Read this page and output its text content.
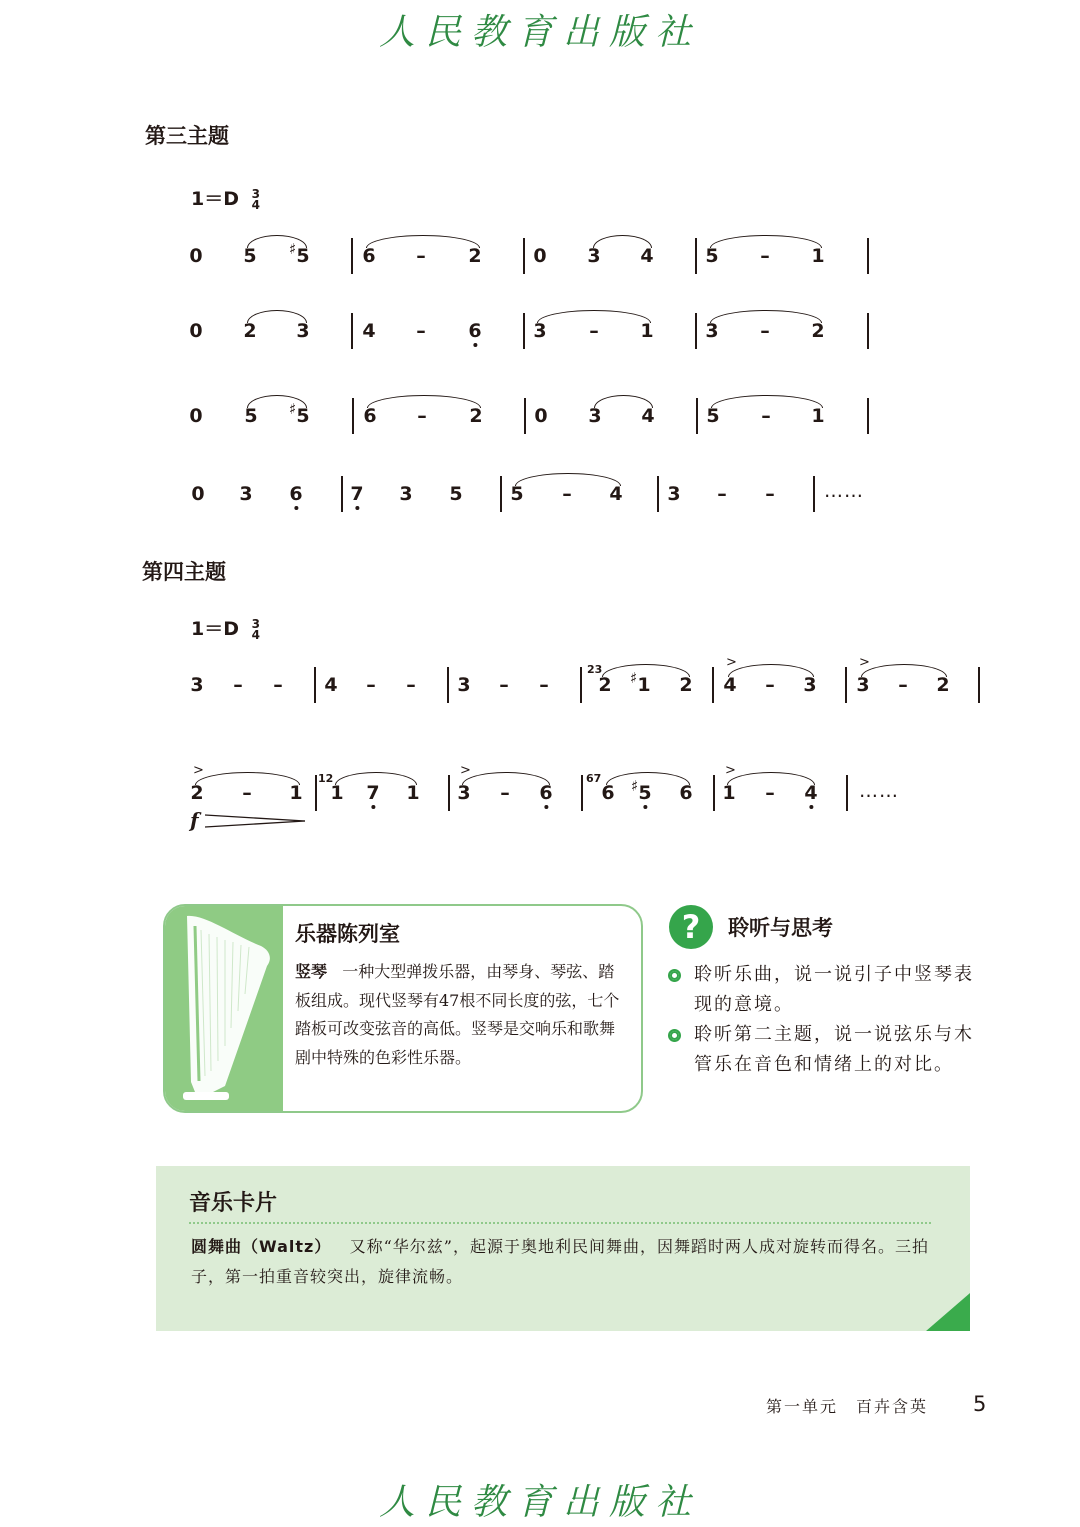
人民教育出版社
人民教育出版社
第三主题
1＝D 3
4
0 5 ♯ 5	6 – 2	0 3 4	5 – 1
0 2 3	4 – 6	3 – 1	3 – 2
0 5 ♯ 5	6 – 2	0 3 4	5 – 1
0 3 6	7 3 5	5 – 4 3 – –	……
第四主题
1＝D 3
4
3 – – 4 – – 3 – –
23
2 ♯ 1 2
>
4 – 3
>
3 – 2
>
2 – 1
f
12
1 7 1
>
3 – 6
67
6 ♯ 5 6
>
1 – 4 ……
乐器陈列室
竖琴 一种大型弹拨乐器，由琴身、琴弦、踏板组成。现代竖琴有47根不同长度的弦，七个踏板可改变弦音的高低。竖琴是交响乐和歌舞剧中特殊的色彩性乐器。
?	聆听与思考
聆听乐曲，说一说引子中竖琴表现的意境。
聆听第二主题，说一说弦乐与木管乐在音色和情绪上的对比。
音乐卡片
圆舞曲（Waltz） 又称“华尔兹”，起源于奥地利民间舞曲，因舞蹈时两人成对旋转而得名。三拍子，第一拍重音较突出，旋律流畅。
第一单元　百卉含英 5
